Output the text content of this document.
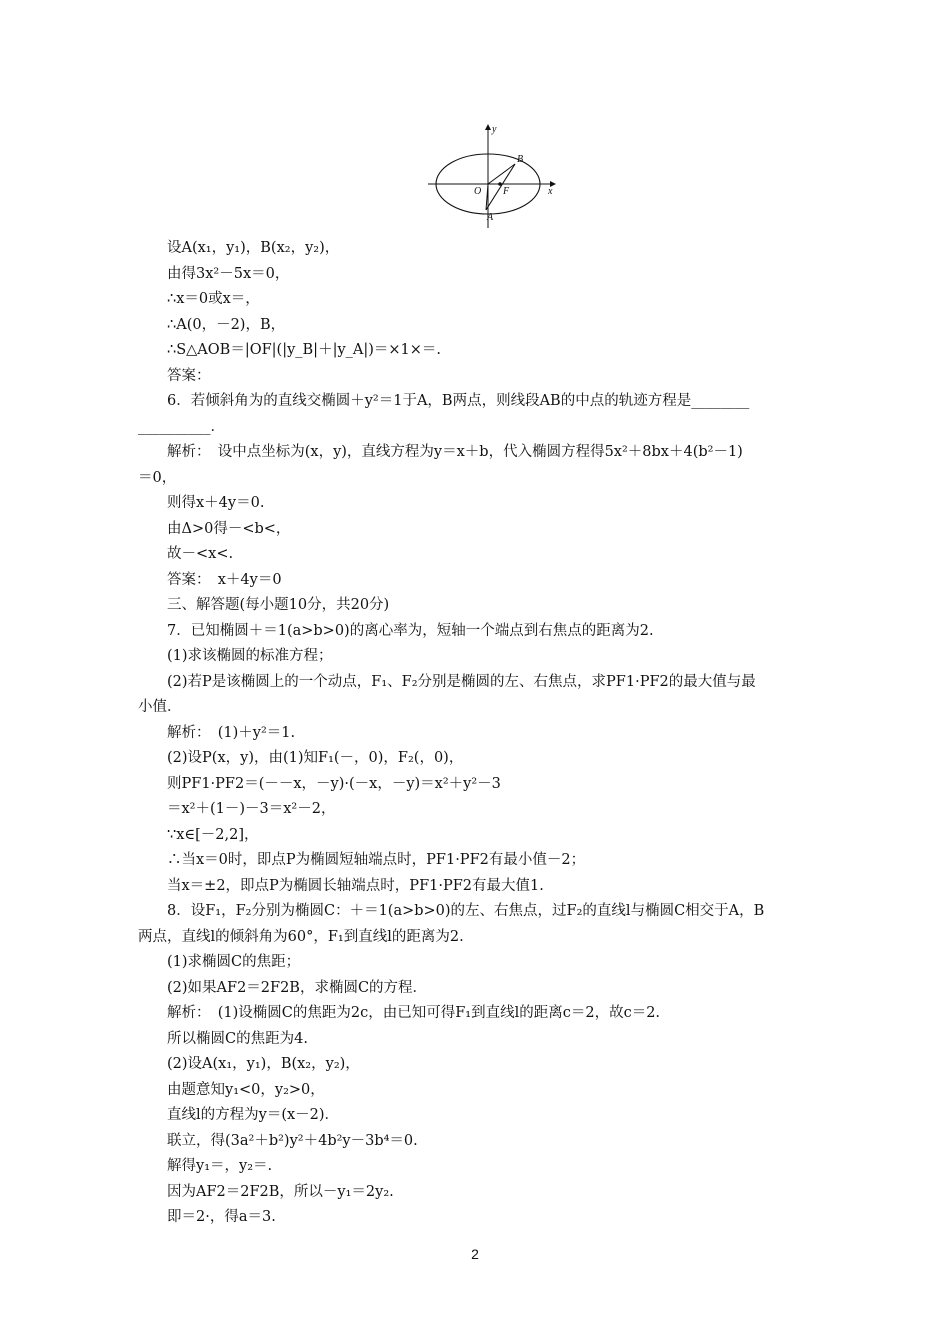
y
x
B
O F
A
设A(x₁，y₁)，B(x₂，y₂)，
由得3x²－5x＝0，
∴x＝0或x＝，
∴A(0，－2)，B，
∴S△AOB＝|OF|(|y_B|＋|y_A|)＝×1×＝.
答案：
6．若倾斜角为的直线交椭圆＋y²＝1于A，B两点，则线段AB的中点的轨迹方程是________
__________．
解析：　设中点坐标为(x，y)，直线方程为y＝x＋b，代入椭圆方程得5x²＋8bx＋4(b²－1)
＝0，
则得x＋4y＝0.
由Δ>0得－<b<，
故－<x<.
答案：　x＋4y＝0
三、解答题(每小题10分，共20分)
7．已知椭圆＋＝1(a>b>0)的离心率为，短轴一个端点到右焦点的距离为2.
(1)求该椭圆的标准方程；
(2)若P是该椭圆上的一个动点，F₁、F₂分别是椭圆的左、右焦点，求PF1·PF2的最大值与最
小值．
解析：　(1)＋y²＝1.
(2)设P(x，y)，由(1)知F₁(－，0)，F₂(，0)，
则PF1·PF2＝(－－x，－y)·(－x，－y)＝x²＋y²－3
＝x²＋(1－)－3＝x²－2，
∵x∈[－2,2]，
∴当x＝0时，即点P为椭圆短轴端点时，PF1·PF2有最小值－2；
当x＝±2，即点P为椭圆长轴端点时，PF1·PF2有最大值1.
8．设F₁，F₂分别为椭圆C：＋＝1(a>b>0)的左、右焦点，过F₂的直线l与椭圆C相交于A，B
两点，直线l的倾斜角为60°，F₁到直线l的距离为2.
(1)求椭圆C的焦距；
(2)如果AF2＝2F2B，求椭圆C的方程．
解析：　(1)设椭圆C的焦距为2c，由已知可得F₁到直线l的距离c＝2，故c＝2.
所以椭圆C的焦距为4.
(2)设A(x₁，y₁)，B(x₂，y₂)，
由题意知y₁<0，y₂>0，
直线l的方程为y＝(x－2)．
联立，得(3a²＋b²)y²＋4b²y－3b⁴＝0.
解得y₁＝，y₂＝.
因为AF2＝2F2B，所以－y₁＝2y₂.
即＝2·，得a＝3.
2
